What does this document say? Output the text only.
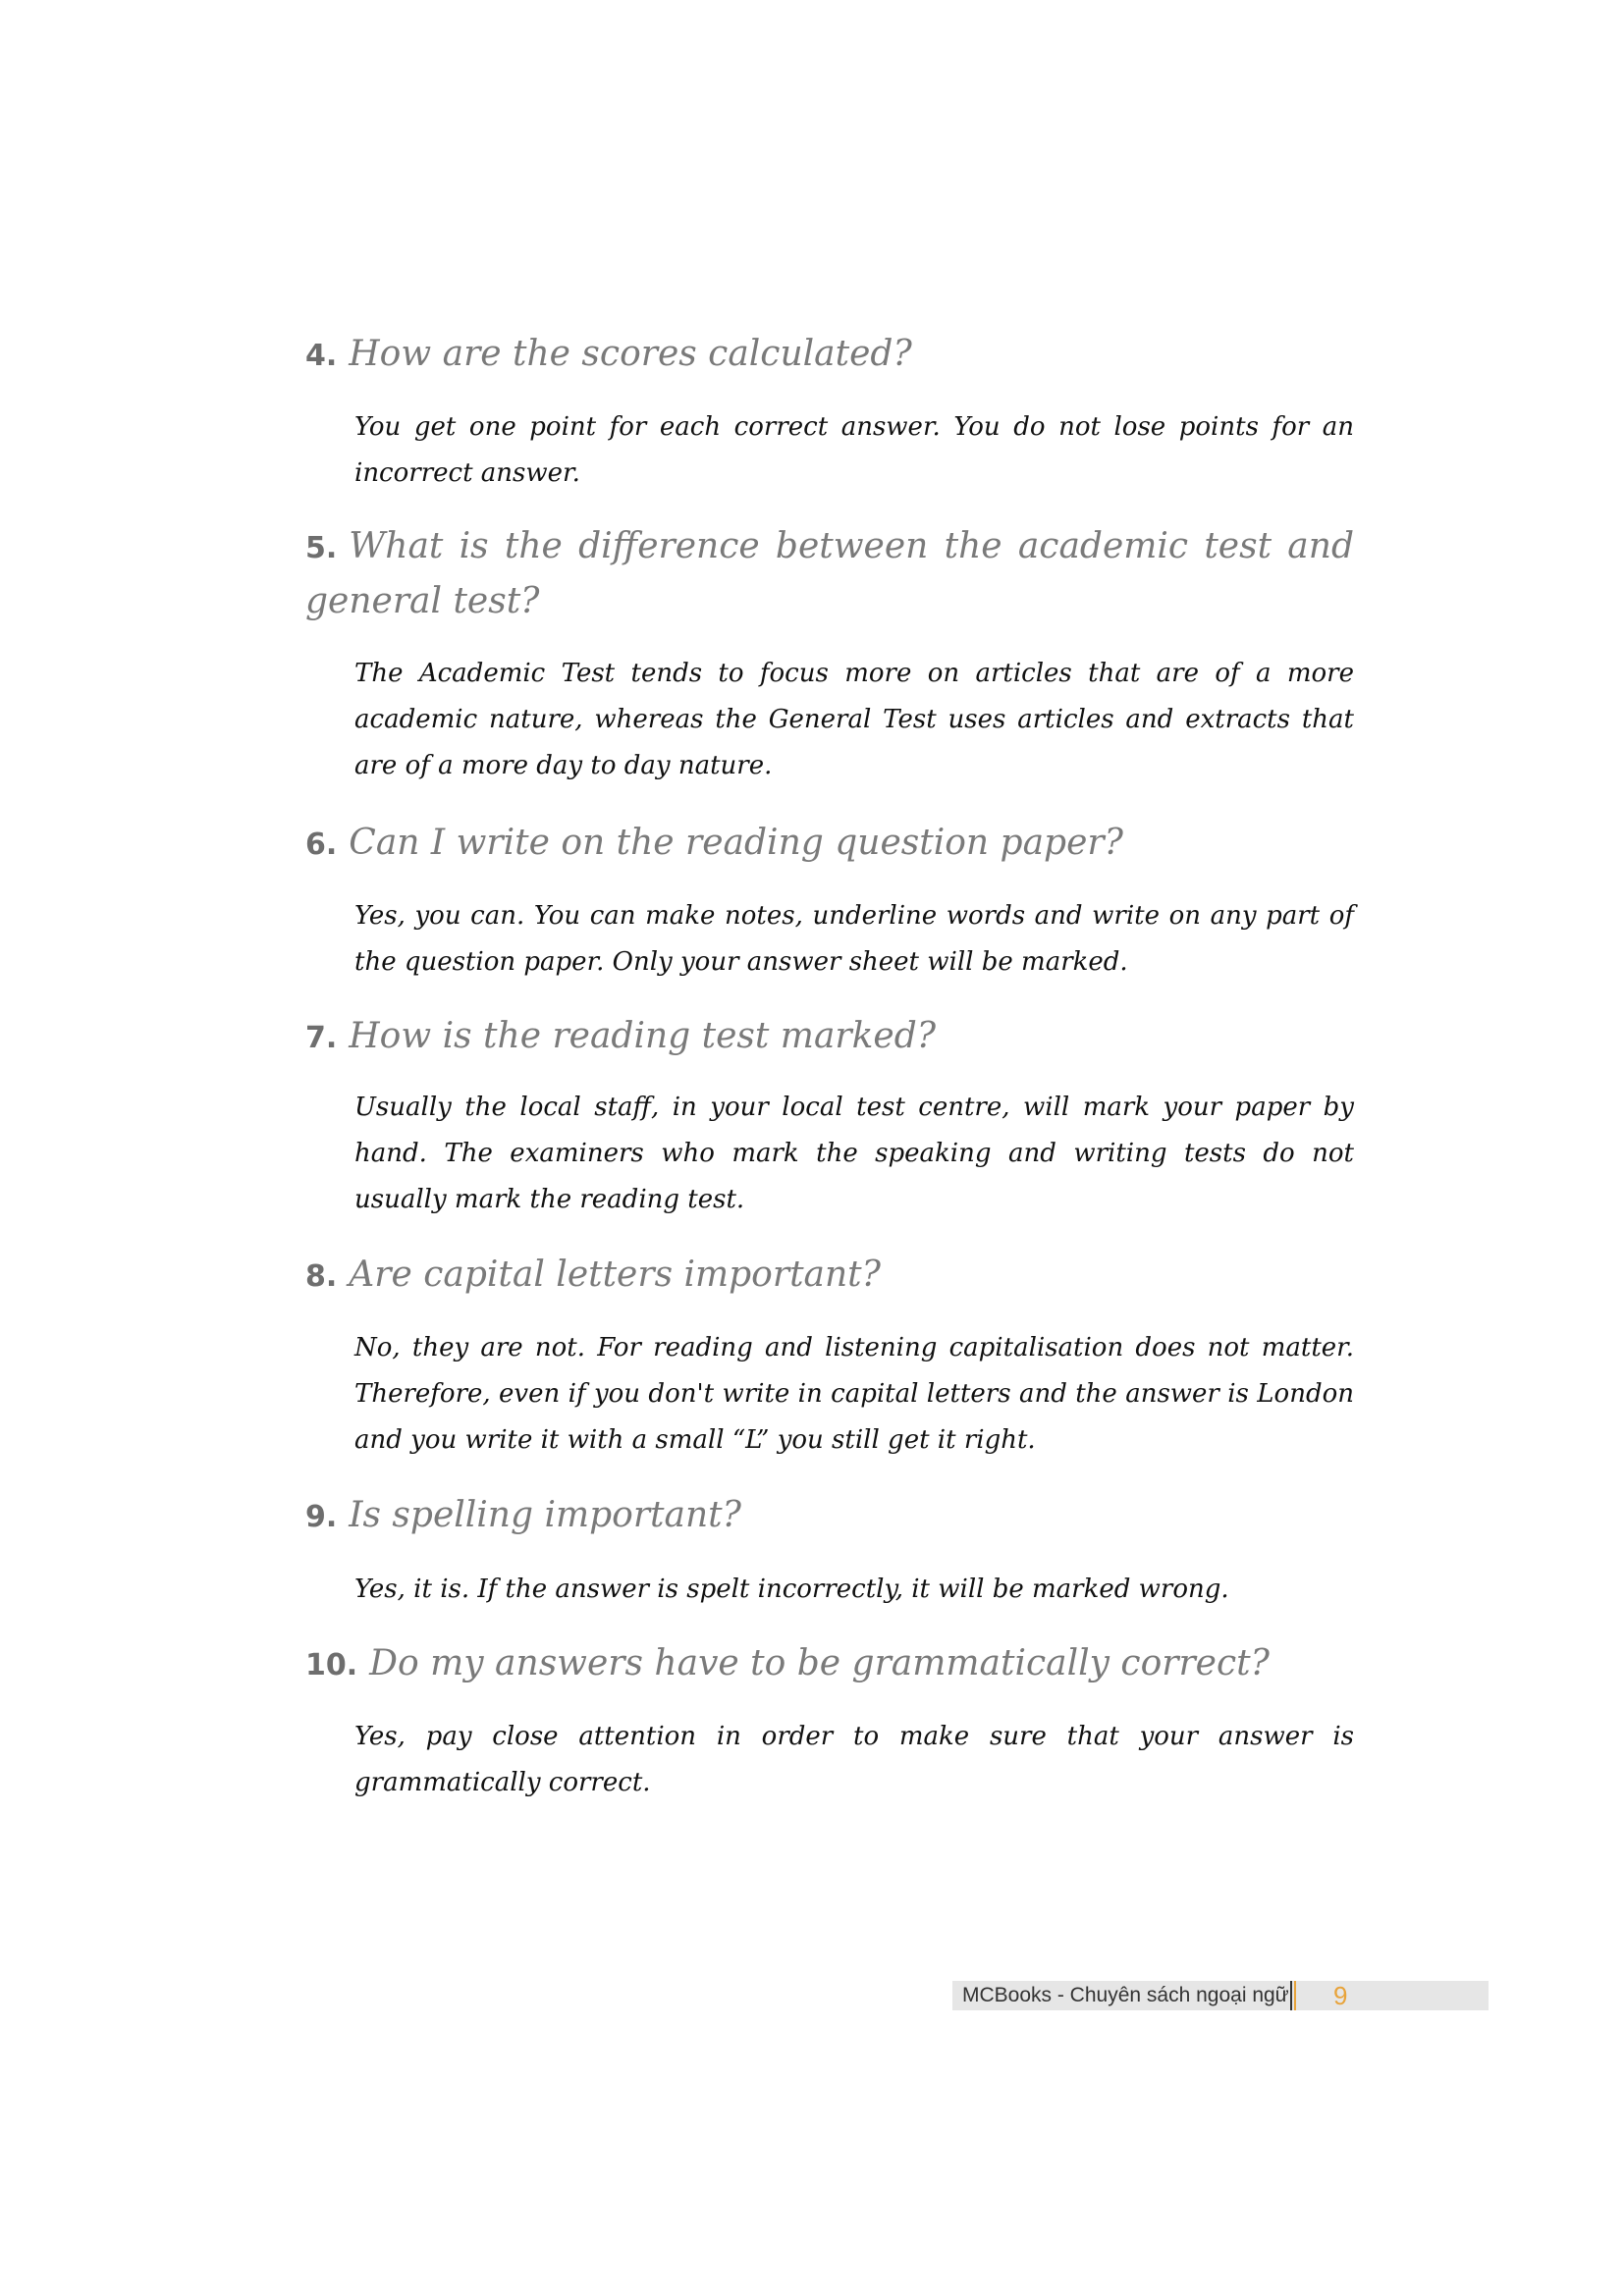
4. How are the scores calculated?
You get one point for each correct answer. You do not lose points for an incorrect answer.
5. What is the difference between the academic test and general test?
The Academic Test tends to focus more on articles that are of a more academic nature, whereas the General Test uses articles and extracts that are of a more day to day nature.
6. Can I write on the reading question paper?
Yes, you can. You can make notes, underline words and write on any part of the question paper. Only your answer sheet will be marked.
7. How is the reading test marked?
Usually the local staff, in your local test centre, will mark your paper by hand. The examiners who mark the speaking and writing tests do not usually mark the reading test.
8. Are capital letters important?
No, they are not. For reading and listening capitalisation does not matter. Therefore, even if you don't write in capital letters and the answer is London and you write it with a small “L” you still get it right.
9. Is spelling important?
Yes, it is. If the answer is spelt incorrectly, it will be marked wrong.
10. Do my answers have to be grammatically correct?
Yes, pay close attention in order to make sure that your answer is grammatically correct.
MCBooks - Chuyên sách ngoại ngữ 9
